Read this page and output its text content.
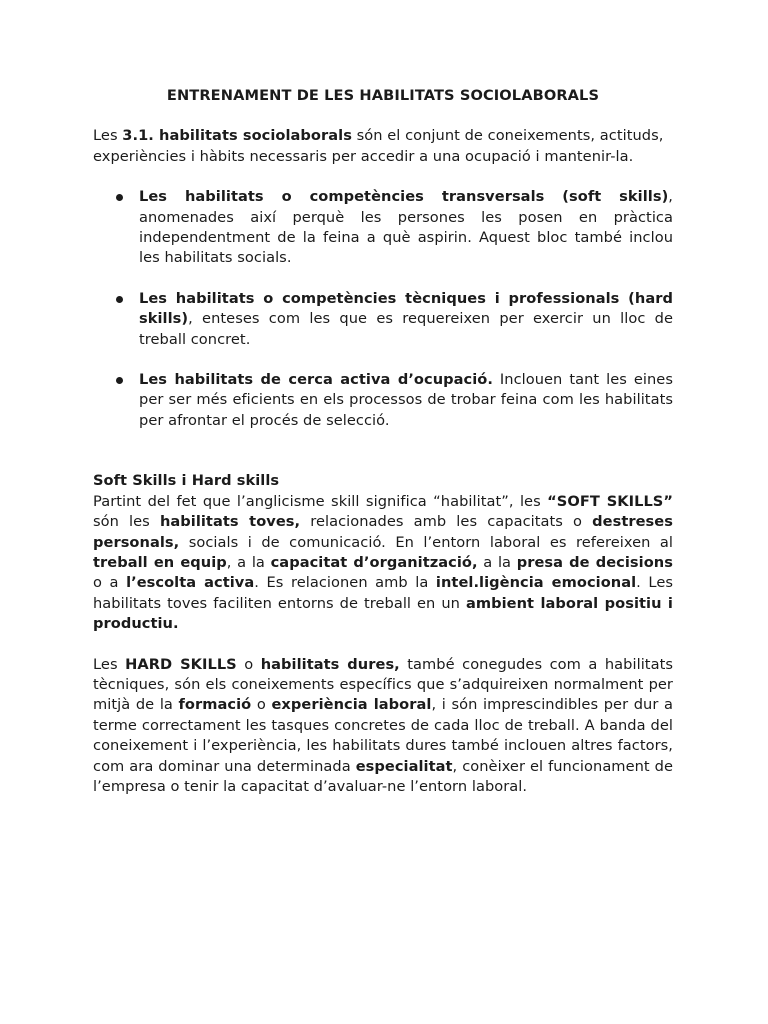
ENTRENAMENT DE LES HABILITATS SOCIOLABORALS

Les 3.1. habilitats sociolaborals són el conjunt de coneixements, actituds, experiències i hàbits necessaris per accedir a una ocupació i mantenir-la.

Les habilitats o competències transversals (soft skills), anomenades així perquè les persones les posen en pràctica independentment de la feina a què aspirin. Aquest bloc també inclou les habilitats socials.
Les habilitats o competències tècniques i professionals (hard skills), enteses com les que es requereixen per exercir un lloc de treball concret.
Les habilitats de cerca activa d’ocupació. Inclouen tant les eines per ser més eficients en els processos de trobar feina com les habilitats per afrontar el procés de selecció.

Soft Skills i Hard skills

Partint del fet que l’anglicisme skill significa “habilitat”, les “SOFT SKILLS” són les habilitats toves, relacionades amb les capacitats o destreses personals, socials i de comunicació. En l’entorn laboral es refereixen al treball en equip, a la capacitat d’organització, a la presa de decisions o a l’escolta activa. Es relacionen amb la intel.ligència emocional. Les habilitats toves faciliten entorns de treball en un ambient laboral positiu i productiu.

Les HARD SKILLS o habilitats dures, també conegudes com a habilitats tècniques, són els coneixements específics que s’adquireixen normalment per mitjà de la formació o experiència laboral, i són imprescindibles per dur a terme correctament les tasques concretes de cada lloc de treball. A banda del coneixement i l’experiència, les habilitats dures també inclouen altres factors, com ara dominar una determinada especialitat, conèixer el funcionament de l’empresa o tenir la capacitat d’avaluar-ne l’entorn laboral.
